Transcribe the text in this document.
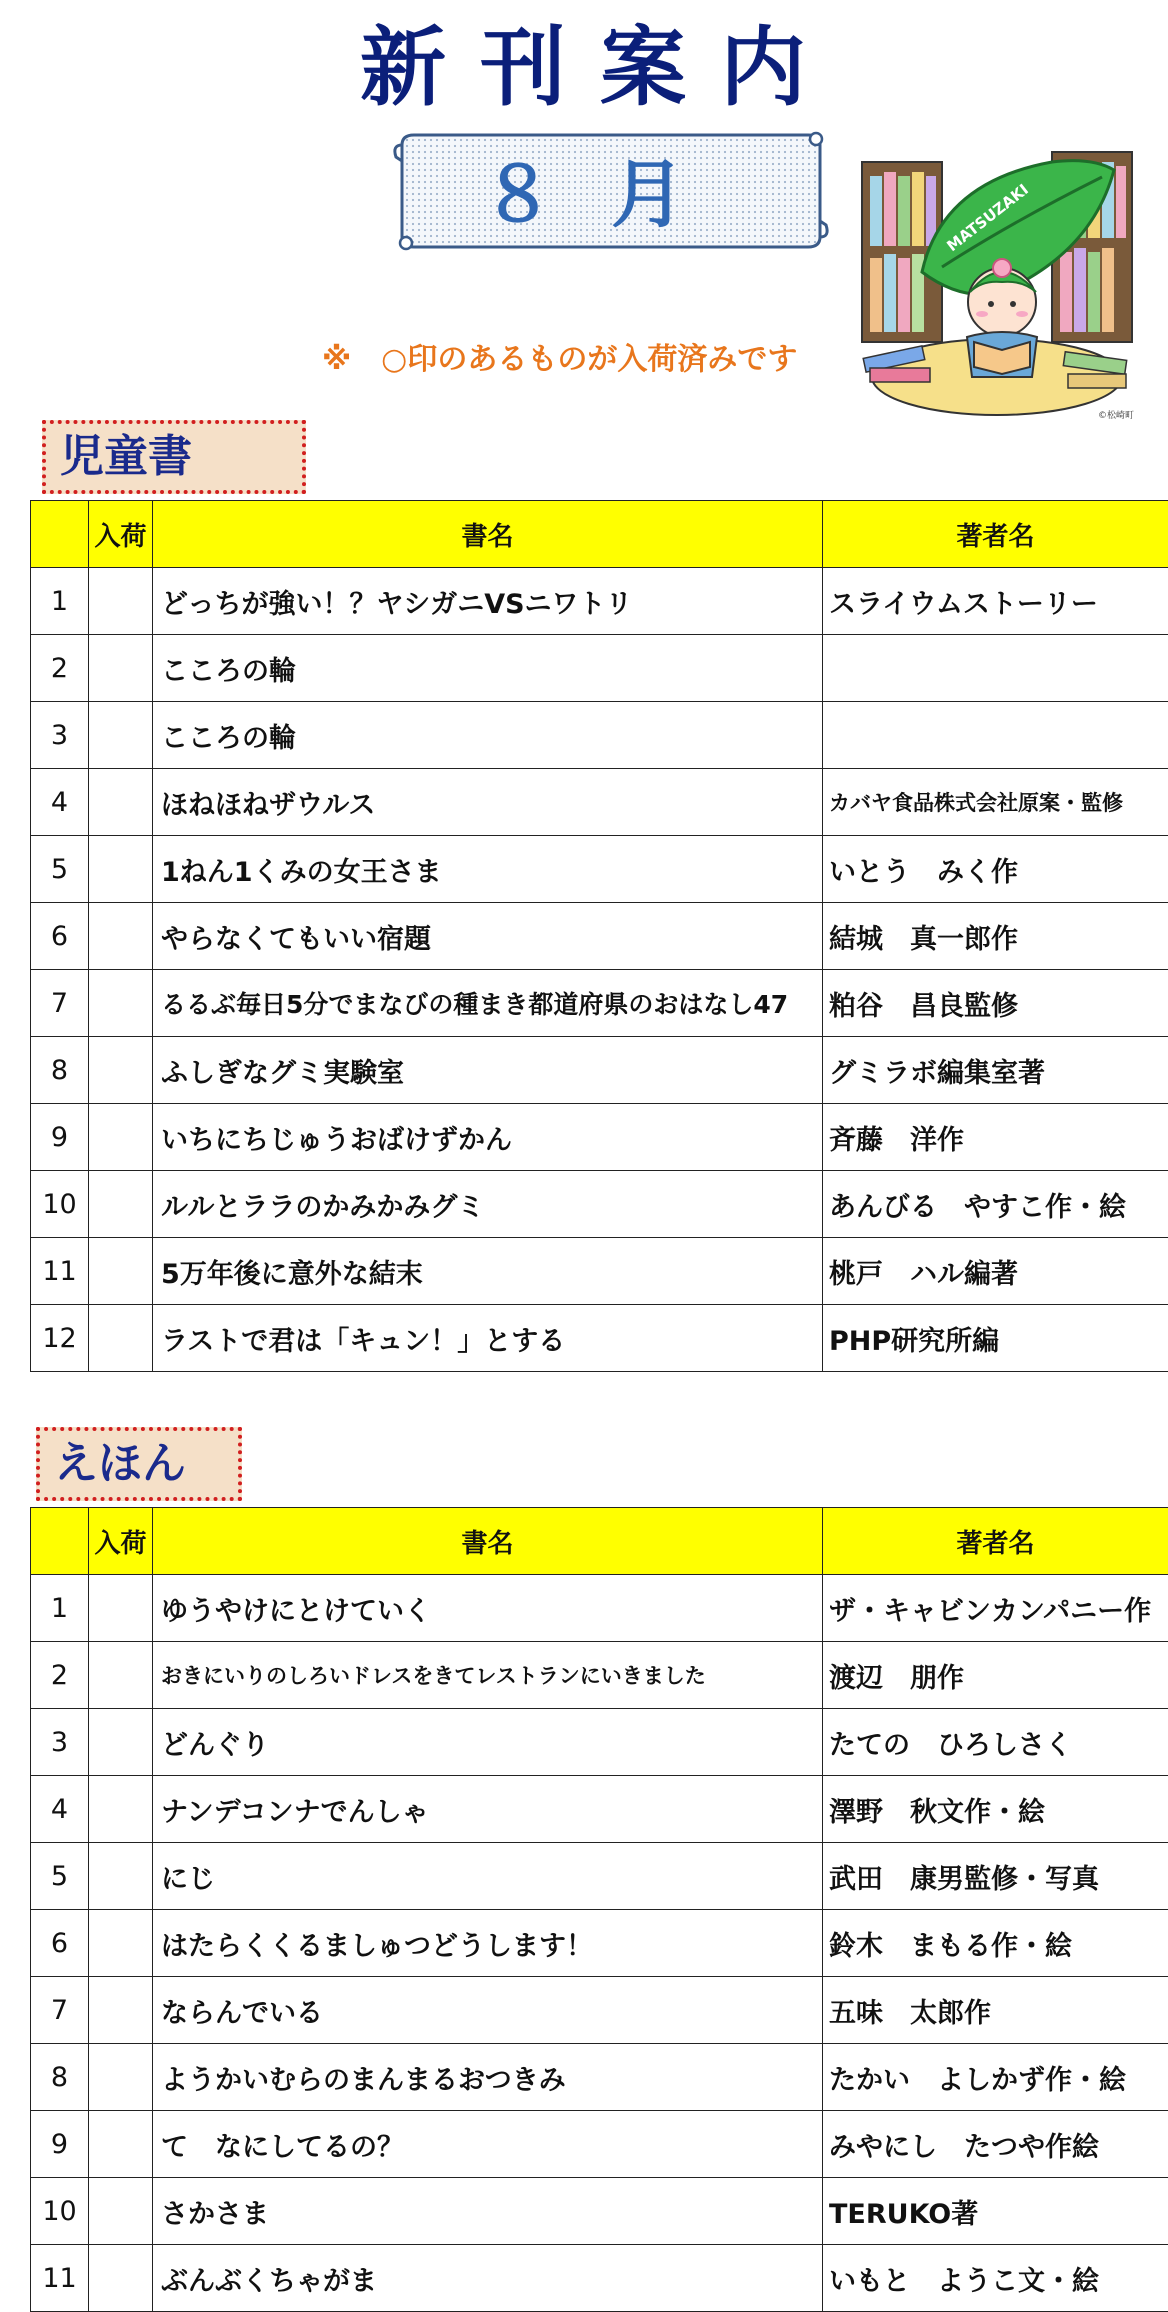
新刊案内
８月
※　○印のあるものが入荷済みです
MATSUZAKI
©松崎町
児童書
	入荷	書名	著者名
1		どっちが強い！？ヤシガニVSニワトリ	スライウムストーリー
2		こころの輪	
3		こころの輪	
4		ほねほねザウルス	カバヤ食品株式会社原案・監修
5		1ねん1くみの女王さま	いとう　みく作
6		やらなくてもいい宿題	結城　真一郎作
7		るるぶ毎日5分でまなびの種まき都道府県のおはなし47	粕谷　昌良監修
8		ふしぎなグミ実験室	グミラボ編集室著
9		いちにちじゅうおばけずかん	斉藤　洋作
10		ルルとララのかみかみグミ	あんびる　やすこ作・絵
11		5万年後に意外な結末	桃戸　ハル編著
12		ラストで君は「キュン！」とする	PHP研究所編
えほん
	入荷	書名	著者名
1		ゆうやけにとけていく	ザ・キャビンカンパニー作
2		おきにいりのしろいドレスをきてレストランにいきました	渡辺　朋作
3		どんぐり	たての　ひろしさく
4		ナンデコンナでんしゃ	澤野　秋文作・絵
5		にじ	武田　康男監修・写真
6		はたらくくるましゅつどうします！	鈴木　まもる作・絵
7		ならんでいる	五味　太郎作
8		ようかいむらのまんまるおつきみ	たかい　よしかず作・絵
9		て　なにしてるの？	みやにし　たつや作絵
10		さかさま	TERUKO著
11		ぶんぶくちゃがま	いもと　ようこ文・絵
